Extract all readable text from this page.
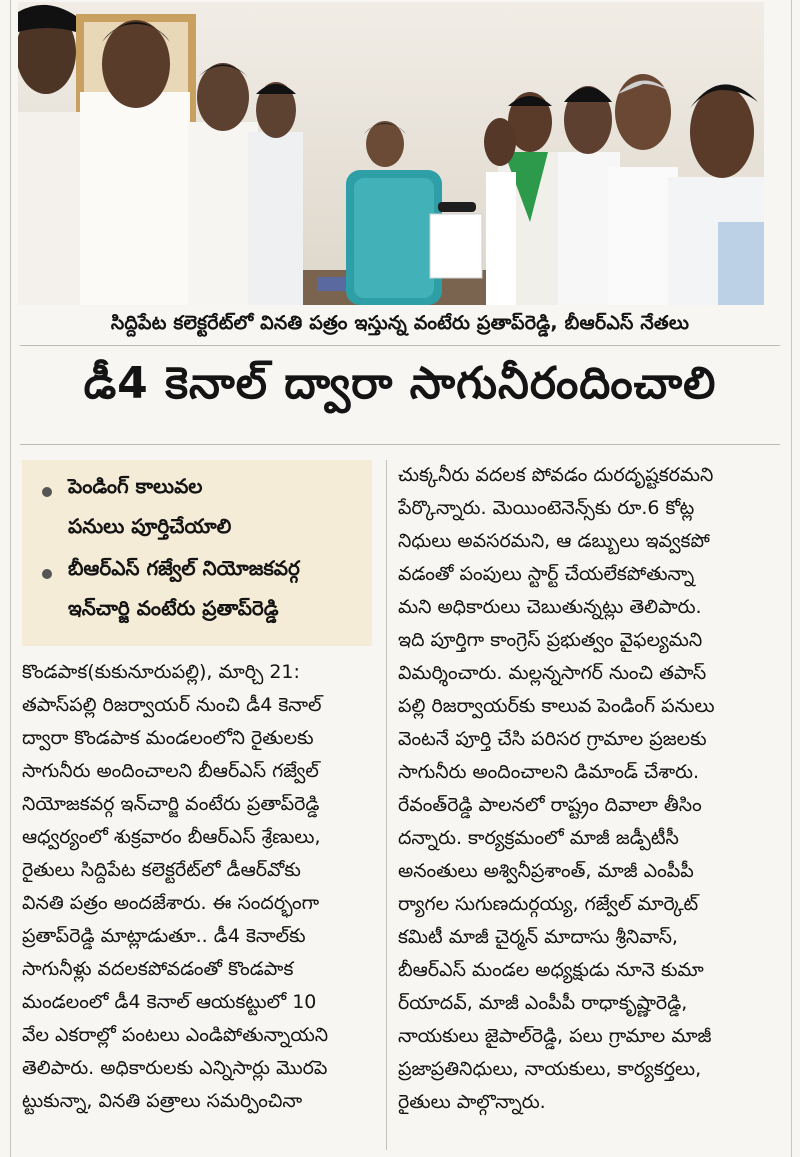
సిద్దిపేట కలెక్టరేట్‌లో వినతి పత్రం ఇస్తున్న వంటేరు ప్రతాప్‌రెడ్డి, బీఆర్‌ఎస్ నేతలు
డీ4 కెనాల్ ద్వారా సాగునీరందించాలి
పెండింగ్ కాలువల
పనులు పూర్తిచేయాలి
బీఆర్‌ఎస్ గజ్వేల్ నియోజకవర్గ
ఇన్‌చార్జి వంటేరు ప్రతాప్‌రెడ్డి
కొండపాక(కుకునూరుపల్లి), మార్చి 21:
తపాస్‌పల్లి రిజర్వాయర్ నుంచి డీ4 కెనాల్
ద్వారా కొండపాక మండలంలోని రైతులకు
సాగునీరు అందించాలని బీఆర్‌ఎస్ గజ్వేల్
నియోజకవర్గ ఇన్‌చార్జి వంటేరు ప్రతాప్‌రెడ్డి
ఆధ్వర్యంలో శుక్రవారం బీఆర్‌ఎస్ శ్రేణులు,
రైతులు సిద్దిపేట కలెక్టరేట్‌లో డీఆర్‌వోకు
వినతి పత్రం అందజేశారు. ఈ సందర్భంగా
ప్రతాప్‌రెడ్డి మాట్లాడుతూ.. డీ4 కెనాల్‌కు
సాగునీళ్లు వదలకపోవడంతో కొండపాక
మండలంలో డీ4 కెనాల్ ఆయకట్టులో 10
వేల ఎకరాల్లో పంటలు ఎండిపోతున్నాయని
తెలిపారు. అధికారులకు ఎన్నిసార్లు మొరపె
ట్టుకున్నా, వినతి పత్రాలు సమర్పించినా
చుక్కనీరు వదలక పోవడం దురదృష్టకరమని
పేర్కొన్నారు. మెయింటెనెన్స్‌కు రూ.6 కోట్ల
నిధులు అవసరమని, ఆ డబ్బులు ఇవ్వకపో
వడంతో పంపులు స్టార్ట్ చేయలేకపోతున్నా
మని అధికారులు చెబుతున్నట్లు తెలిపారు.
ఇది పూర్తిగా కాంగ్రెస్ ప్రభుత్వం వైఫల్యమని
విమర్శించారు. మల్లన్నసాగర్ నుంచి తపాస్
పల్లి రిజర్వాయర్‌కు కాలువ పెండింగ్ పనులు
వెంటనే పూర్తి చేసి పరిసర గ్రామాల ప్రజలకు
సాగునీరు అందించాలని డిమాండ్ చేశారు.
రేవంత్‌రెడ్డి పాలనలో రాష్ట్రం దివాలా తీసిం
దన్నారు. కార్యక్రమంలో మాజీ జడ్పీటీసీ
అనంతులు అశ్వినీప్రశాంత్, మాజీ ఎంపీపీ
ర్యాగల సుగుణదుర్గయ్య, గజ్వేల్ మార్కెట్
కమిటీ మాజీ చైర్మన్ మాదాసు శ్రీనివాస్,
బీఆర్‌ఎస్ మండల అధ్యక్షుడు నూనె కుమా
ర్‌యాదవ్, మాజీ ఎంపీపీ రాధాకృష్ణారెడ్డి,
నాయకులు జైపాల్‌రెడ్డి, పలు గ్రామాల మాజీ
ప్రజాప్రతినిధులు, నాయకులు, కార్యకర్తలు,
రైతులు పాల్గొన్నారు.
